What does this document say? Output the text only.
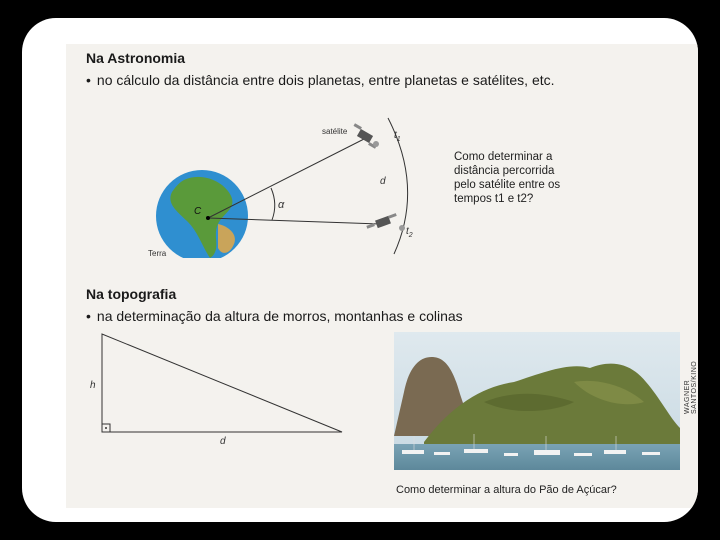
Na Astronomia
• no cálculo da distância entre dois planetas, entre planetas e satélites, etc.
satélite	$t_1$
$t_2$
d
α
C
Terra

Como determinar a
distância percorrida
pelo satélite entre os
tempos t1 e t2?

Na topografia
• na determinação da altura de morros, montanhas e colinas
h
d
WAGNER SANTOS/KINO
Como determinar a altura do Pão de Açúcar?
